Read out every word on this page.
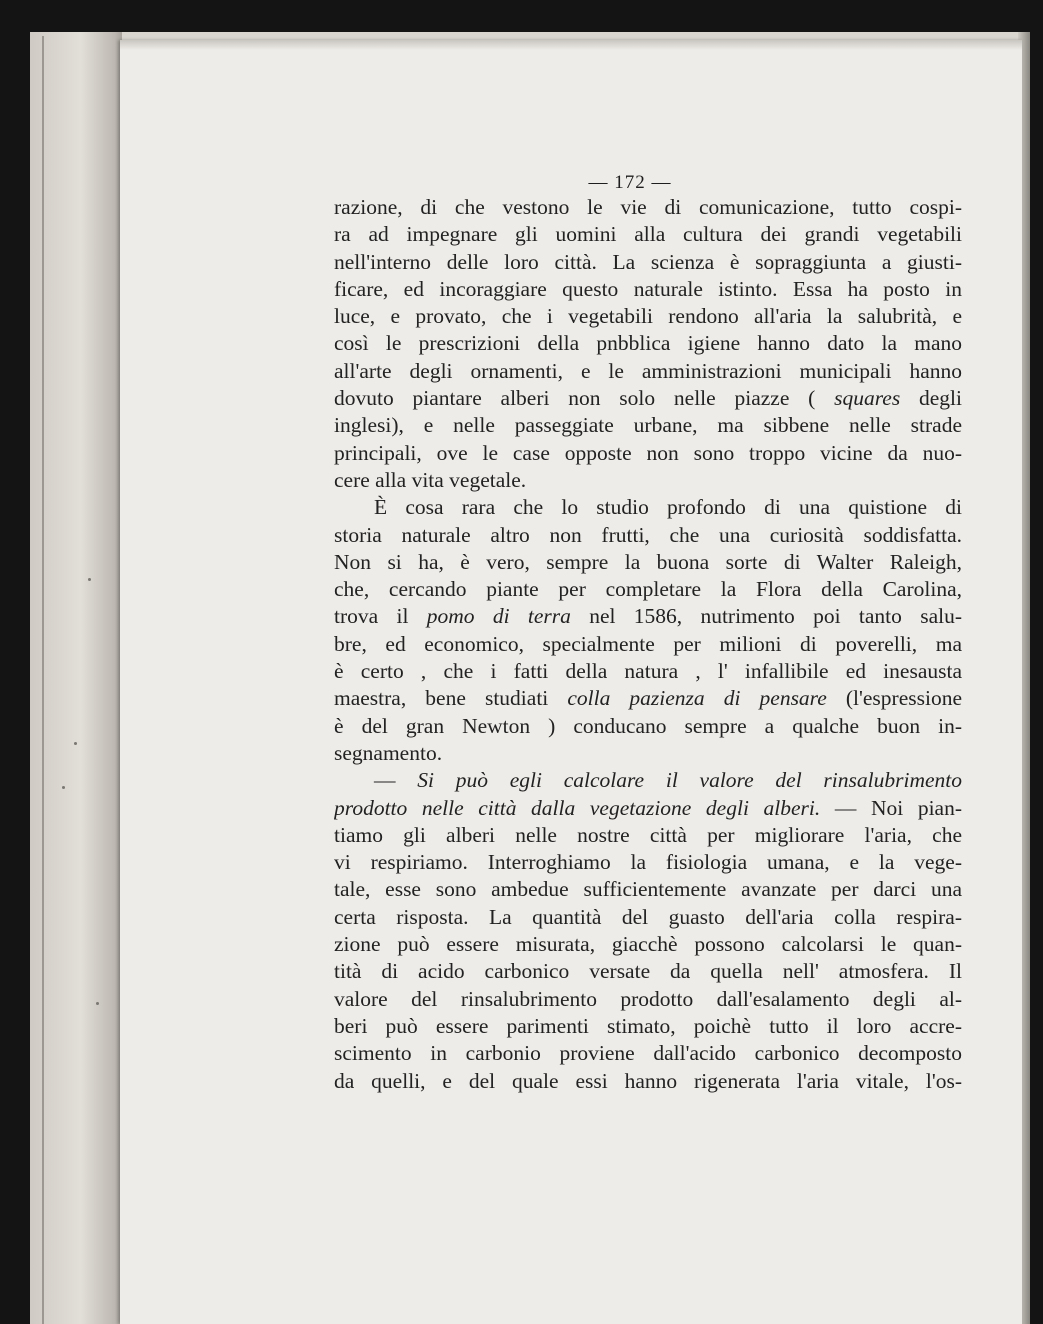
— 172 —
razione, di che vestono le vie di comunicazione, tutto cospi-
ra ad impegnare gli uomini alla cultura dei grandi vegetabili
nell'interno delle loro città. La scienza è sopraggiunta a giusti-
ficare, ed incoraggiare questo naturale istinto. Essa ha posto in
luce, e provato, che i vegetabili rendono all'aria la salubrità, e
così le prescrizioni della pnbblica igiene hanno dato la mano
all'arte degli ornamenti, e le amministrazioni municipali hanno
dovuto piantare alberi non solo nelle piazze ( squares degli
inglesi), e nelle passeggiate urbane, ma sibbene nelle strade
principali, ove le case opposte non sono troppo vicine da nuo-
cere alla vita vegetale.
È cosa rara che lo studio profondo di una quistione di
storia naturale altro non frutti, che una curiosità soddisfatta.
Non si ha, è vero, sempre la buona sorte di Walter Raleigh,
che, cercando piante per completare la Flora della Carolina,
trova il pomo di terra nel 1586, nutrimento poi tanto salu-
bre, ed economico, specialmente per milioni di poverelli, ma
è certo , che i fatti della natura , l' infallibile ed inesausta
maestra, bene studiati colla pazienza di pensare (l'espressione
è del gran Newton ) conducano sempre a qualche buon in-
segnamento.
— Si può egli calcolare il valore del rinsalubrimento
prodotto nelle città dalla vegetazione degli alberi. — Noi pian-
tiamo gli alberi nelle nostre città per migliorare l'aria, che
vi respiriamo. Interroghiamo la fisiologia umana, e la vege-
tale, esse sono ambedue sufficientemente avanzate per darci una
certa risposta. La quantità del guasto dell'aria colla respira-
zione può essere misurata, giacchè possono calcolarsi le quan-
tità di acido carbonico versate da quella nell' atmosfera. Il
valore del rinsalubrimento prodotto dall'esalamento degli al-
beri può essere parimenti stimato, poichè tutto il loro accre-
scimento in carbonio proviene dall'acido carbonico decomposto
da quelli, e del quale essi hanno rigenerata l'aria vitale, l'os-
